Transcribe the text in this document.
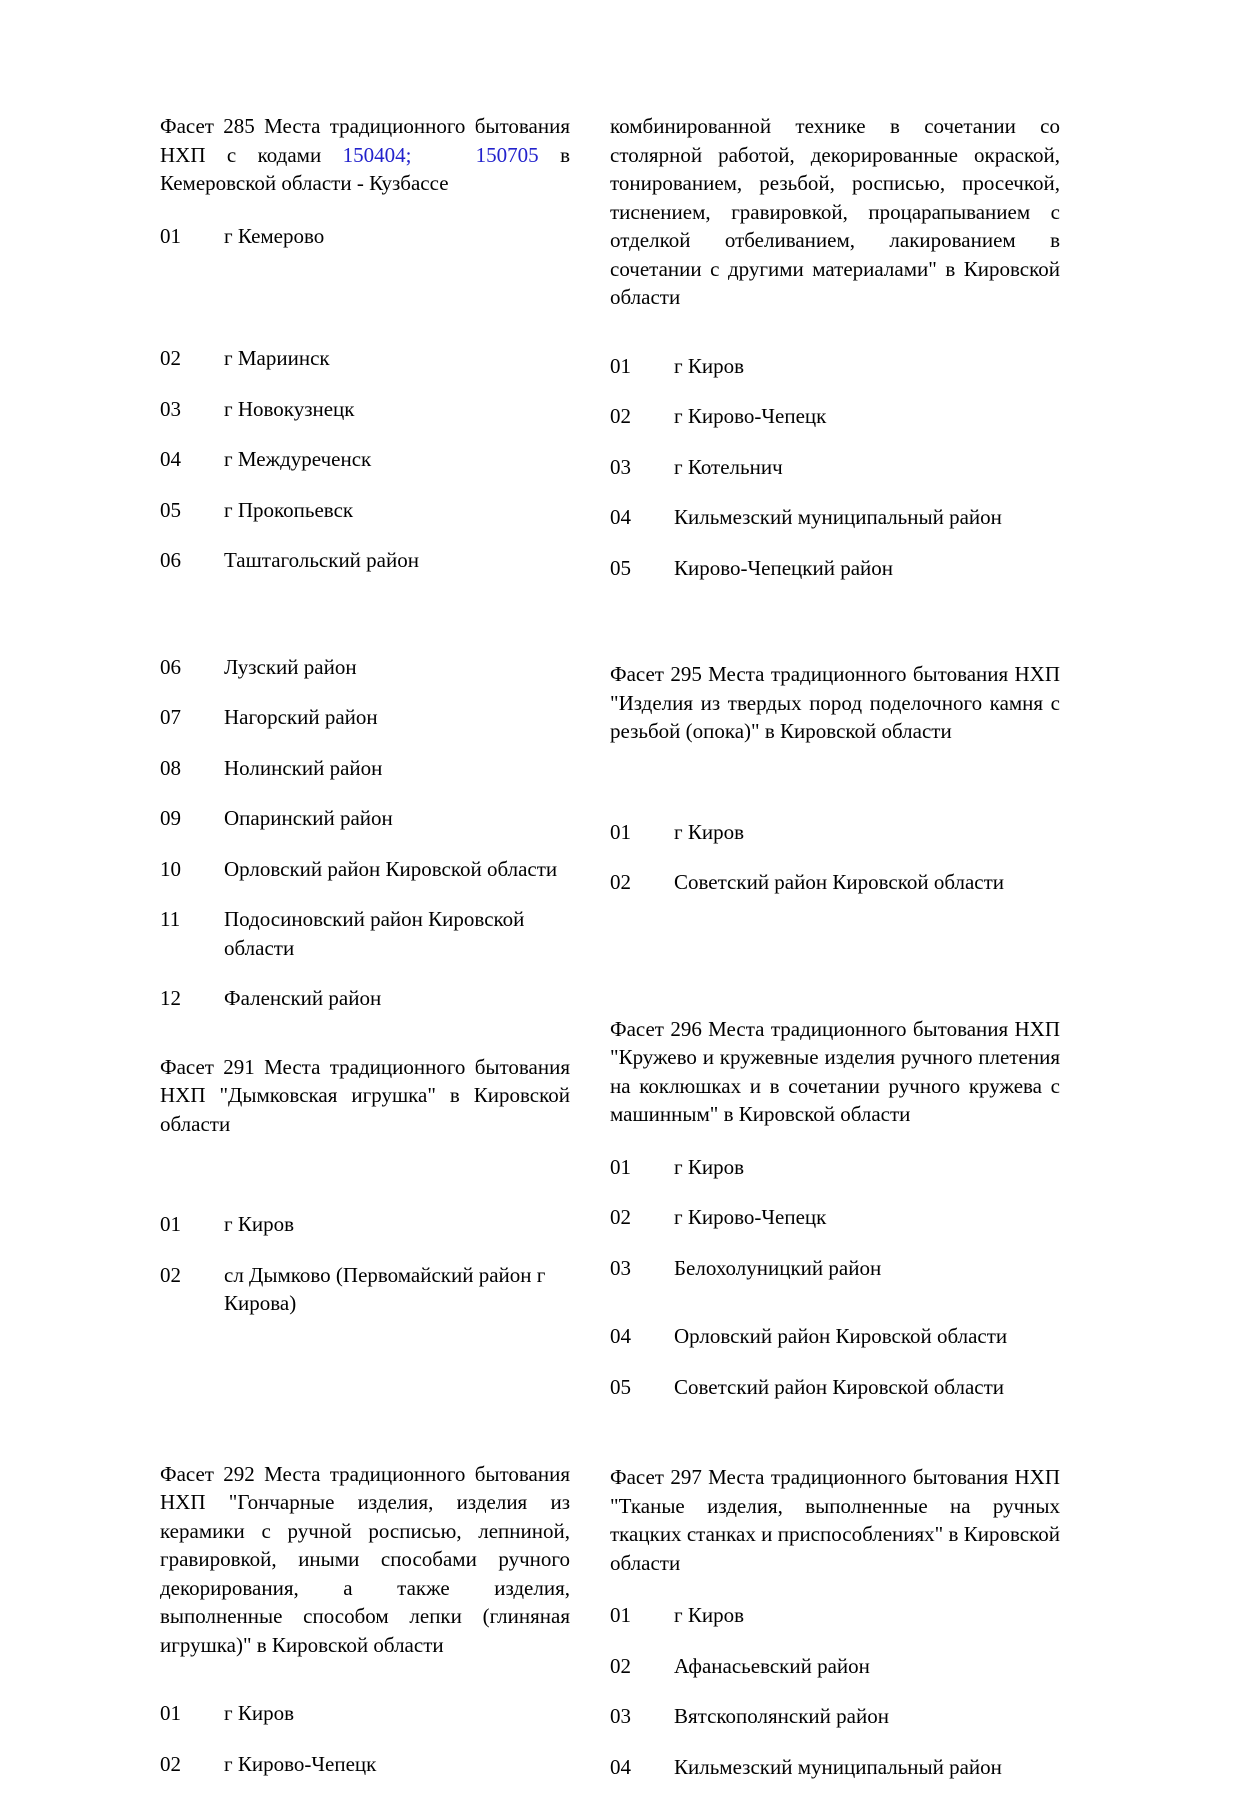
Фасет 285 Места традиционного бытования НХП с кодами 150404;	150705 в Кемеровской области - Кузбассе

01	г Кемерово
02	г Мариинск
03	г Новокузнецк
04	г Междуреченск
05	г Прокопьевск
06	Таштагольский район
06	Лузский район
07	Нагорский район
08	Нолинский район
09	Опаринский район
10	Орловский район Кировской области
11	Подосиновский район Кировской области
12	Фаленский район

Фасет 291 Места традиционного бытования НХП "Дымковская игрушка" в Кировской области

01	г Киров
02	сл Дымково (Первомайский район г Кирова)

Фасет 292 Места традиционного бытования НХП "Гончарные изделия, изделия из керамики с ручной росписью, лепниной, гравировкой, иными способами ручного декорирования, а также изделия, выполненные способом лепки (глиняная игрушка)" в Кировской области

01	г Киров
02	г Кирово-Чепецк

комбинированной технике в сочетании со столярной работой, декорированные окраской, тонированием, резьбой, росписью, просечкой, тиснением, гравировкой, процарапыванием с отделкой отбеливанием, лакированием в сочетании с другими материалами" в Кировской области

01	г Киров
02	г Кирово-Чепецк
03	г Котельнич
04	Кильмезский муниципальный район
05	Кирово-Чепецкий район

Фасет 295 Места традиционного бытования НХП "Изделия из твердых пород поделочного камня с резьбой (опока)" в Кировской области

01	г Киров
02	Советский район Кировской области

Фасет 296 Места традиционного бытования НХП "Кружево и кружевные изделия ручного плетения на коклюшках и в сочетании ручного кружева с машинным" в Кировской области

01	г Киров
02	г Кирово-Чепецк
03	Белохолуницкий район
04	Орловский район Кировской области
05	Советский район Кировской области

Фасет 297 Места традиционного бытования НХП "Тканые изделия, выполненные на ручных ткацких станках и приспособлениях" в Кировской области

01	г Киров
02	Афанасьевский район
03	Вятскополянский район
04	Кильмезский муниципальный район
